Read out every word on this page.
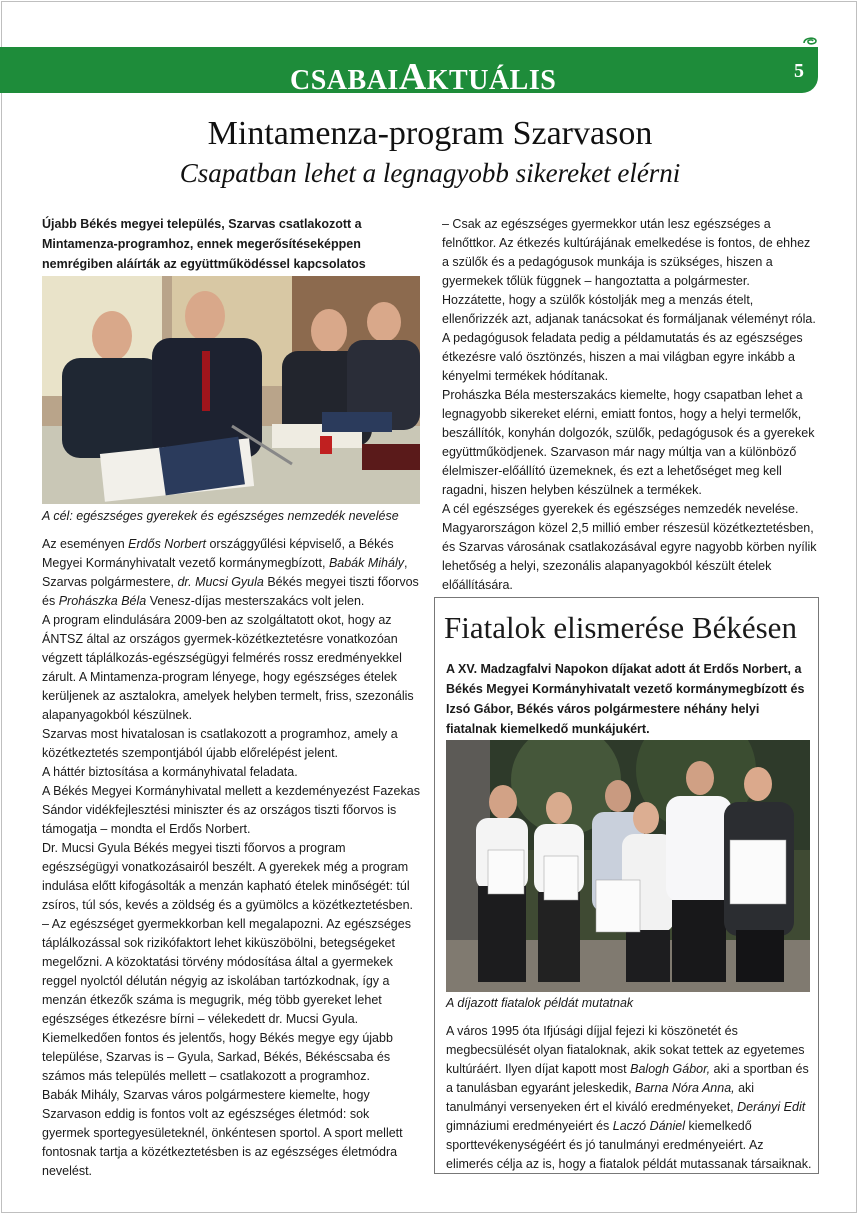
CSABAIAKTUÁLIS	5
Mintamenza-program Szarvason
Csapatban lehet a legnagyobb sikereket elérni

Újabb Békés megyei település, Szarvas csatlakozott a Mintamenza-programhoz, ennek megerősítéseképpen nemrégiben aláírták az együttműködéssel kapcsolatos

A cél: egészséges gyerekek és egészséges nemzedék nevelése

Az eseményen Erdős Norbert országgyűlési képviselő, a Békés Megyei Kormányhivatalt vezető kormánymegbízott, Babák Mihály, Szarvas polgármestere, dr. Mucsi Gyula Békés megyei tiszti főorvos és Prohászka Béla Venesz-díjas mesterszakács volt jelen.

A program elindulására 2009-ben az szolgáltatott okot, hogy az ÁNTSZ által az országos gyermek-közétkeztetésre vonatkozóan végzett táplálkozás-egészségügyi felmérés rossz eredményekkel zárult. A Mintamenza-program lényege, hogy egészséges ételek kerüljenek az asztalokra, amelyek helyben termelt, friss, szezonális alapanyagokból készülnek.

Szarvas most hivatalosan is csatlakozott a programhoz, amely a közétkeztetés szempontjából újabb előrelépést jelent.

A háttér biztosítása a kormányhivatal feladata.

A Békés Megyei Kormányhivatal mellett a kezdeményezést Fazekas Sándor vidékfejlesztési miniszter és az országos tiszti főorvos is támogatja – mondta el Erdős Norbert.

Dr. Mucsi Gyula Békés megyei tiszti főorvos a program egészségügyi vonatkozásairól beszélt. A gyerekek még a program indulása előtt kifogásolták a menzán kapható ételek minőségét: túl zsíros, túl sós, kevés a zöldség és a gyümölcs a közétkeztetésben.

– Az egészséget gyermekkorban kell megalapozni. Az egészséges táplálkozással sok rizikófaktort lehet kiküszöbölni, betegségeket megelőzni. A közoktatási törvény módosítása által a gyermekek reggel nyolctól délután négyig az iskolában tartózkodnak, így a menzán étkezők száma is megugrik, még több gyereket lehet egészséges étkezésre bírni – vélekedett dr. Mucsi Gyula.

Kiemelkedően fontos és jelentős, hogy Békés megye egy újabb települése, Szarvas is – Gyula, Sarkad, Békés, Békéscsaba és számos más település mellett – csatlakozott a programhoz.

Babák Mihály, Szarvas város polgármestere kiemelte, hogy Szarvason eddig is fontos volt az egészséges életmód: sok gyermek sportegyesületeknél, önkéntesen sportol. A sport mellett fontosnak tartja a közétkeztetésben is az egészséges életmódra nevelést.

– Csak az egészséges gyermekkor után lesz egészséges a felnőttkor. Az étkezés kultúrájának emelkedése is fontos, de ehhez a szülők és a pedagógusok munkája is szükséges, hiszen a gyermekek tőlük függnek – hangoztatta a polgármester.

Hozzátette, hogy a szülők kóstolják meg a menzás ételt, ellenőrizzék azt, adjanak tanácsokat és formáljanak véleményt róla. A pedagógusok feladata pedig a példamutatás és az egészséges étkezésre való ösztönzés, hiszen a mai világban egyre inkább a kényelmi termékek hódítanak.

Prohászka Béla mesterszakács kiemelte, hogy csapatban lehet a legnagyobb sikereket elérni, emiatt fontos, hogy a helyi termelők, beszállítók, konyhán dolgozók, szülők, pedagógusok és a gyerekek együttműködjenek. Szarvason már nagy múltja van a különböző élelmiszer-előállító üzemeknek, és ezt a lehetőséget meg kell ragadni, hiszen helyben készülnek a termékek.

A cél egészséges gyerekek és egészséges nemzedék nevelése. Magyarországon közel 2,5 millió ember részesül közétkeztetésben, és Szarvas városának csatlakozásával egyre nagyobb körben nyílik lehetőség a helyi, szezonális alapanyagokból készült ételek előállítására.

Fiatalok elismerése Békésen

A XV. Madzagfalvi Napokon díjakat adott át Erdős Norbert, a Békés Megyei Kormányhivatalt vezető kormánymegbízott és Izsó Gábor, Békés város polgármestere néhány helyi fiatalnak kiemelkedő munkájukért.

A díjazott fiatalok példát mutatnak

A város 1995 óta Ifjúsági díjjal fejezi ki köszönetét és megbecsülését olyan fiataloknak, akik sokat tettek az egyetemes kultúráért. Ilyen díjat kapott most Balogh Gábor, aki a sportban és a tanulásban egyaránt jeleskedik, Barna Nóra Anna, aki tanulmányi versenyeken ért el kiváló eredményeket, Derányi Edit gimnáziumi eredményeiért és Laczó Dániel kiemelkedő sporttevékenységéért és jó tanulmányi eredményeiért. Az elimerés célja az is, hogy a fiatalok példát mutassanak társaiknak.
